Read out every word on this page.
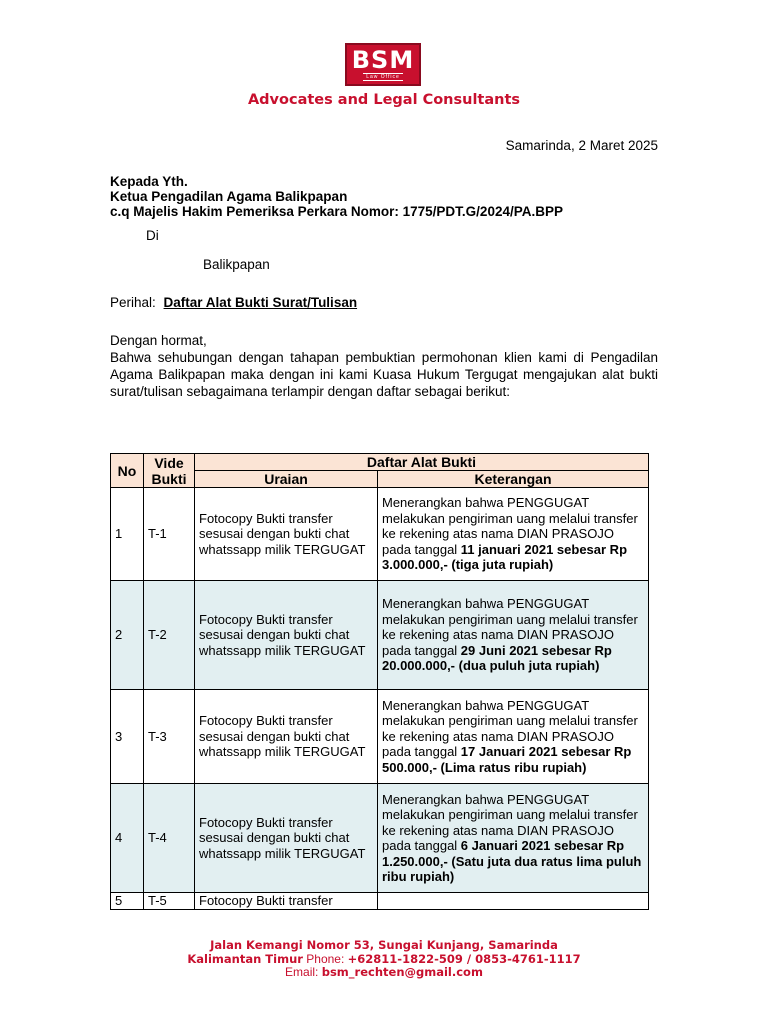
BSM
Law Office
Advocates and Legal Consultants
Samarinda, 2 Maret 2025
Kepada Yth.
Ketua Pengadilan Agama Balikpapan
c.q Majelis Hakim Pemeriksa Perkara Nomor: 1775/PDT.G/2024/PA.BPP
Di
Balikpapan
Perihal: Daftar Alat Bukti Surat/Tulisan

Dengan hormat,

Bahwa sehubungan dengan tahapan pembuktian permohonan klien kami di Pengadilan Agama Balikpapan maka dengan ini kami Kuasa Hukum Tergugat mengajukan alat bukti surat/tulisan sebagaimana terlampir dengan daftar sebagai berikut:

No	Vide Bukti	Daftar Alat Bukti	
		Uraian	Keterangan
1	T-1	Fotocopy Bukti transfer sesusai dengan bukti chat whatssapp milik TERGUGAT	Menerangkan bahwa PENGGUGAT melakukan pengiriman uang melalui transfer ke rekening atas nama DIAN PRASOJO pada tanggal 11 januari 2021 sebesar Rp 3.000.000,- (tiga juta rupiah)
2	T-2	Fotocopy Bukti transfer sesusai dengan bukti chat whatssapp milik TERGUGAT	Menerangkan bahwa PENGGUGAT melakukan pengiriman uang melalui transfer ke rekening atas nama DIAN PRASOJO pada tanggal 29 Juni 2021 sebesar Rp 20.000.000,- (dua puluh juta rupiah)
3	T-3	Fotocopy Bukti transfer sesusai dengan bukti chat whatssapp milik TERGUGAT	Menerangkan bahwa PENGGUGAT melakukan pengiriman uang melalui transfer ke rekening atas nama DIAN PRASOJO pada tanggal 17 Januari 2021 sebesar Rp 500.000,- (Lima ratus ribu rupiah)
4	T-4	Fotocopy Bukti transfer sesusai dengan bukti chat whatssapp milik TERGUGAT	Menerangkan bahwa PENGGUGAT melakukan pengiriman uang melalui transfer ke rekening atas nama DIAN PRASOJO pada tanggal 6 Januari 2021 sebesar Rp 1.250.000,- (Satu juta dua ratus lima puluh ribu rupiah)
5	T-5	Fotocopy Bukti transfer	
Jalan Kemangi Nomor 53, Sungai Kunjang, Samarinda
Kalimantan Timur Phone: +62811-1822-509 / 0853-4761-1117
Email: bsm_rechten@gmail.com
